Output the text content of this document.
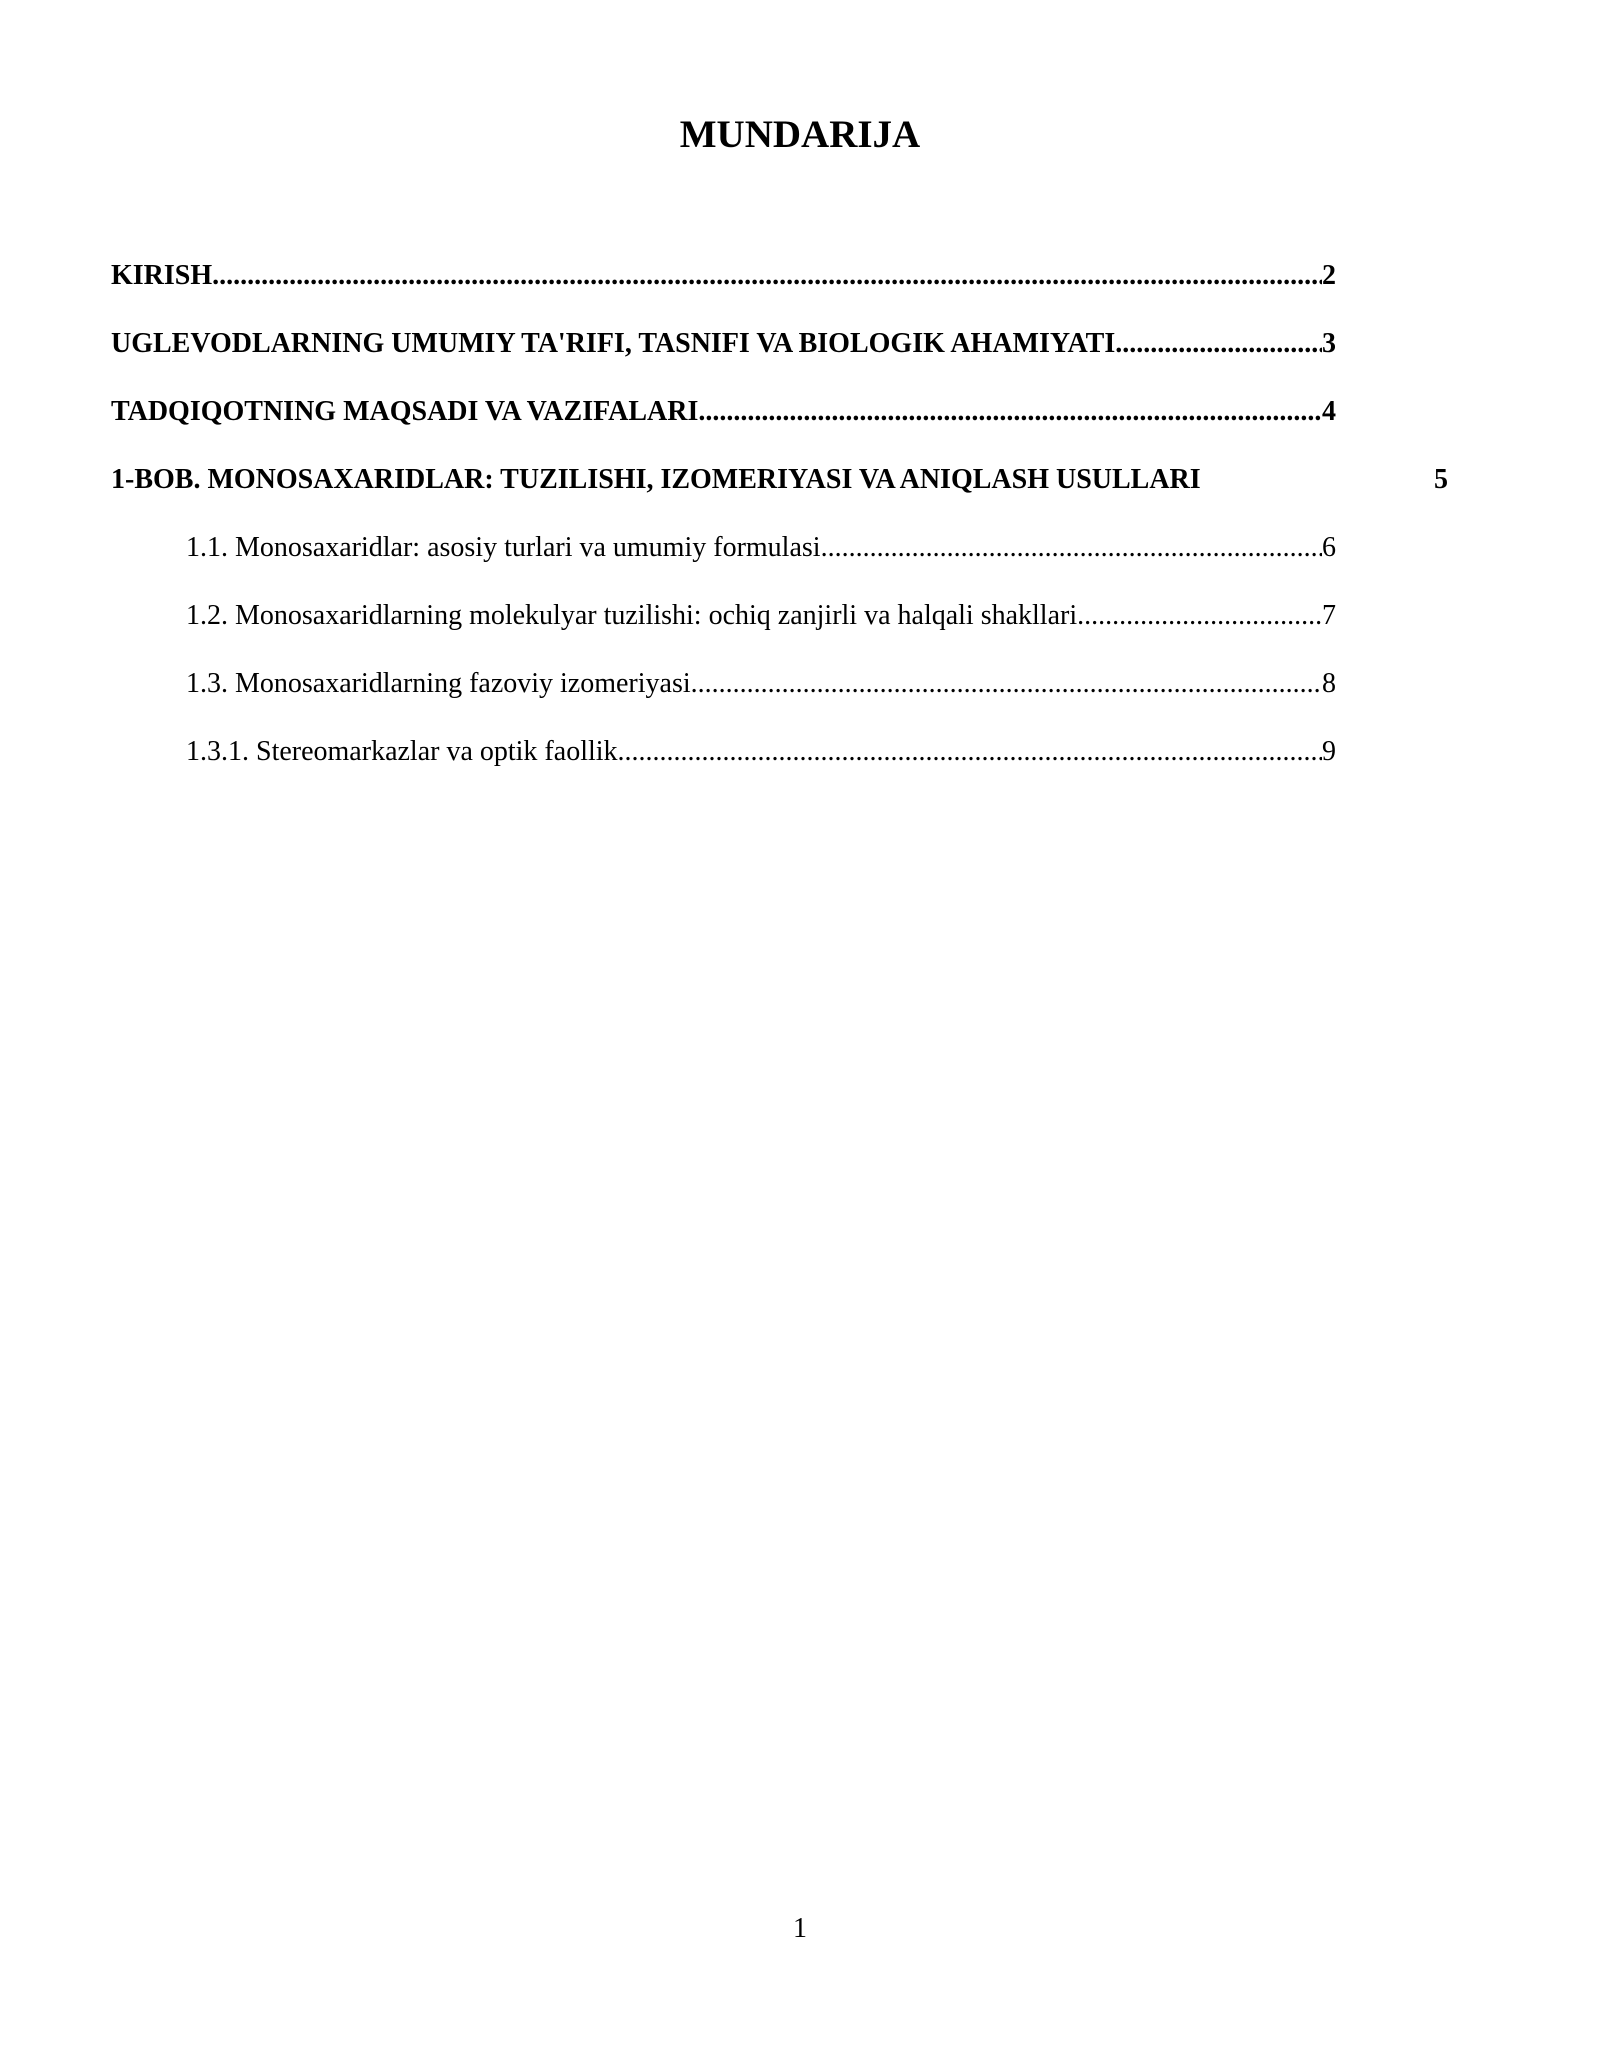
MUNDARIJA
KIRISH .....	2
UGLEVODLARNING UMUMIY TA'RIFI, TASNIFI VA BIOLOGIK AHAMIYATI .....	3
TADQIQOTNING MAQSADI VA VAZIFALARI .....	4
1-BOB. MONOSAXARIDLAR: TUZILISHI, IZOMERIYASI VA ANIQLASH USULLARI	5
1.1. Monosaxaridlar: asosiy turlari va umumiy formulasi .....	6
1.2. Monosaxaridlarning molekulyar tuzilishi: ochiq zanjirli va halqali shakllari .....	7
1.3. Monosaxaridlarning fazoviy izomeriyasi .....	8
1.3.1. Stereomarkazlar va optik faollik .....	9
1
